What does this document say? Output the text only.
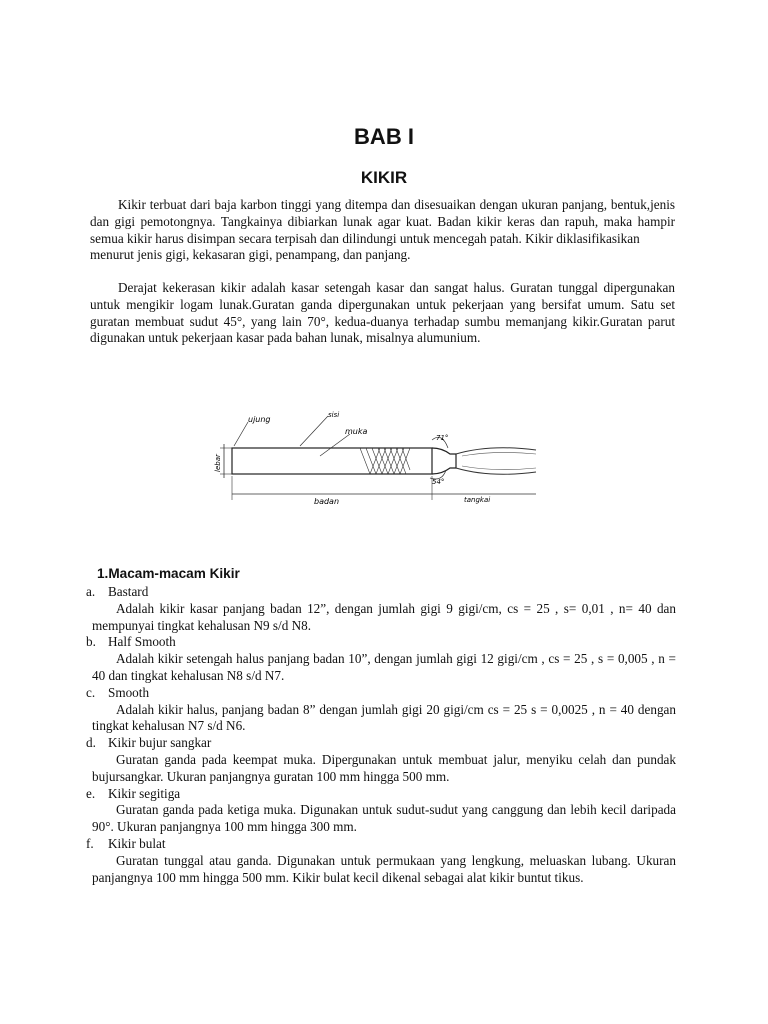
BAB I
KIKIR

Kikir terbuat dari baja karbon tinggi yang ditempa dan disesuaikan dengan ukuran panjang, bentuk,jenis dan gigi pemotongnya. Tangkainya dibiarkan lunak agar kuat. Badan kikir keras dan rapuh, maka hampir semua kikir harus disimpan secara terpisah dan dilindungi untuk mencegah patah. Kikir diklasifikasikan

menurut jenis gigi, kekasaran gigi, penampang, dan panjang.

Derajat kekerasan kikir adalah kasar setengah kasar dan sangat halus. Guratan tunggal dipergunakan untuk mengikir logam lunak.Guratan ganda dipergunakan untuk pekerjaan yang bersifat umum. Satu set guratan membuat sudut 45°, yang lain 70°, kedua-duanya terhadap sumbu memanjang kikir.Guratan parut digunakan untuk pekerjaan kasar pada bahan lunak, misalnya alumunium.

ujung	sisi
muka
lebar
71°
54°
badan	tangkai
1.Macam-macam Kikir
a. Bastard

Adalah kikir kasar panjang badan 12”, dengan jumlah gigi 9 gigi/cm, cs = 25 , s= 0,01 , n= 40 dan mempunyai tingkat kehalusan N9 s/d N8.

b. Half Smooth

Adalah kikir setengah halus panjang badan 10”, dengan jumlah gigi 12 gigi/cm , cs = 25 , s = 0,005 , n = 40 dan tingkat kehalusan N8 s/d N7.

c. Smooth

Adalah kikir halus, panjang badan 8” dengan jumlah gigi 20 gigi/cm cs = 25 s = 0,0025 , n = 40 dengan tingkat kehalusan N7 s/d N6.

d. Kikir bujur sangkar

Guratan ganda pada keempat muka. Dipergunakan untuk membuat jalur, menyiku celah dan pundak bujursangkar. Ukuran panjangnya guratan 100 mm hingga 500 mm.

e. Kikir segitiga

Guratan ganda pada ketiga muka. Digunakan untuk sudut-sudut yang canggung dan lebih kecil daripada 90°. Ukuran panjangnya 100 mm hingga 300 mm.

f.	Kikir bulat

Guratan tunggal atau ganda. Digunakan untuk permukaan yang lengkung, meluaskan lubang. Ukuran panjangnya 100 mm hingga 500 mm. Kikir bulat kecil dikenal sebagai alat kikir buntut tikus.
